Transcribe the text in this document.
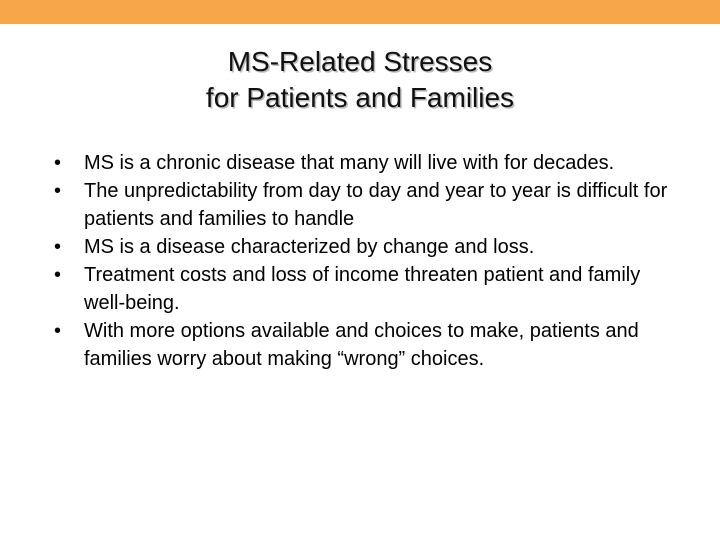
MS-Related Stresses
for Patients and Families
•	MS is a chronic disease that many will live with for decades.
•	The unpredictability from day to day and year to year is difficult for patients and families to handle
•	MS is a disease characterized by change and loss.
•	Treatment costs and loss of income threaten patient and family well-being.
•	With more options available and choices to make, patients and families worry about making “wrong” choices.
